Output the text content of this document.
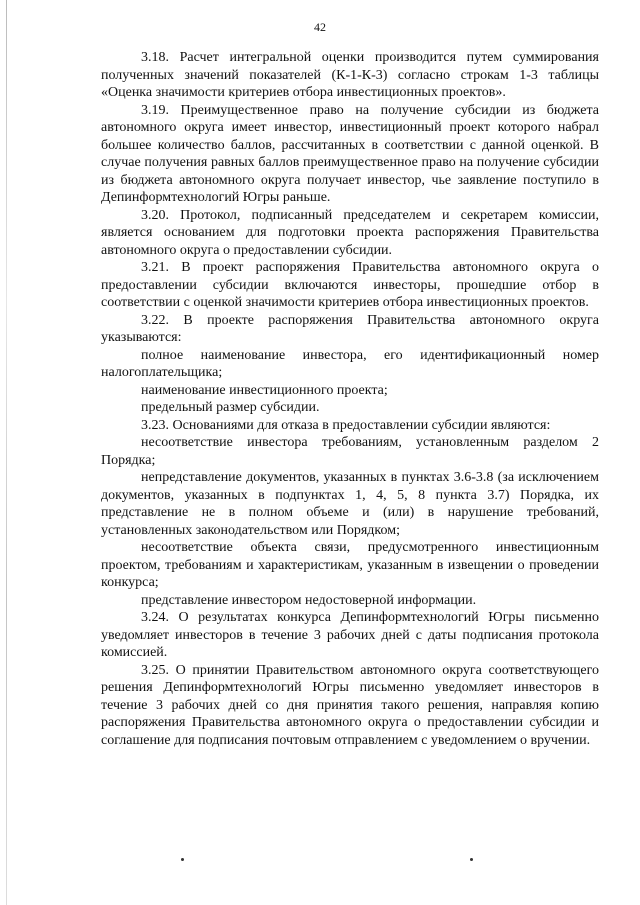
42

3.18. Расчет интегральной оценки производится путем суммирования полученных значений показателей (К-1-К-3) согласно строкам 1-3 таблицы «Оценка значимости критериев отбора инвестиционных проектов».

3.19. Преимущественное право на получение субсидии из бюджета автономного округа имеет инвестор, инвестиционный проект которого набрал большее количество баллов, рассчитанных в соответствии с данной оценкой. В случае получения равных баллов преимущественное право на получение субсидии из бюджета автономного округа получает инвестор, чье заявление поступило в Депинформтехнологий Югры раньше.

3.20. Протокол, подписанный председателем и секретарем комиссии, является основанием для подготовки проекта распоряжения Правительства автономного округа о предоставлении субсидии.

3.21. В проект распоряжения Правительства автономного округа о предоставлении субсидии включаются инвесторы, прошедшие отбор в соответствии с оценкой значимости критериев отбора инвестиционных проектов.

3.22. В проекте распоряжения Правительства автономного округа указываются:

полное наименование инвестора, его идентификационный номер налогоплательщика;

наименование инвестиционного проекта;

предельный размер субсидии.

3.23. Основаниями для отказа в предоставлении субсидии являются:

несоответствие инвестора требованиям, установленным разделом 2 Порядка;

непредставление документов, указанных в пунктах 3.6-3.8 (за исключением документов, указанных в подпунктах 1, 4, 5, 8 пункта 3.7) Порядка, их представление не в полном объеме и (или) в нарушение требований, установленных законодательством или Порядком;

несоответствие объекта связи, предусмотренного инвестиционным проектом, требованиям и характеристикам, указанным в извещении о проведении конкурса;

представление инвестором недостоверной информации.

3.24. О результатах конкурса Депинформтехнологий Югры письменно уведомляет инвесторов в течение 3 рабочих дней с даты подписания протокола комиссией.

3.25. О принятии Правительством автономного округа соответствующего решения Депинформтехнологий Югры письменно уведомляет инвесторов в течение 3 рабочих дней со дня принятия такого решения, направляя копию распоряжения Правительства автономного округа о предоставлении субсидии и соглашение для подписания почтовым отправлением с уведомлением о вручении.
